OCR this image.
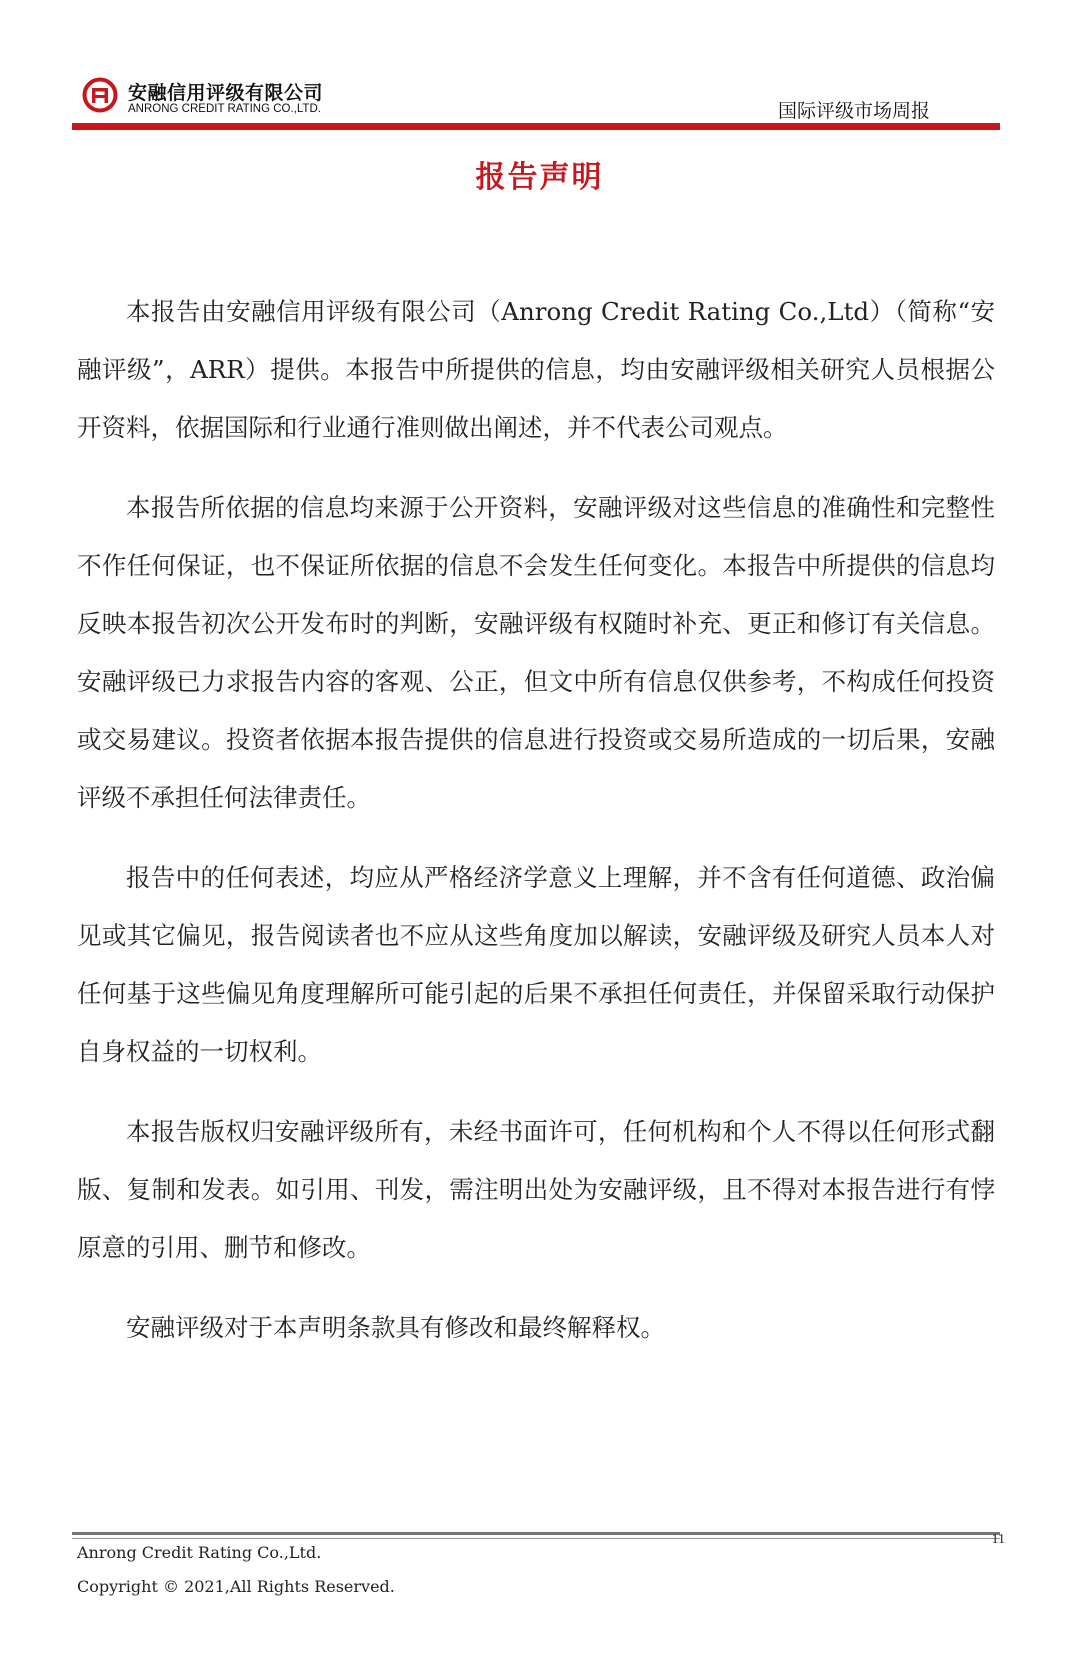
安融信用评级有限公司
ANRONG CREDIT RATING CO.,LTD.	国际评级市场周报
报告声明

本报告由安融信用评级有限公司（Anrong Credit Rating Co.,Ltd）（简称“安融评级”，ARR）提供。本报告中所提供的信息，均由安融评级相关研究人员根据公开资料，依据国际和行业通行准则做出阐述，并不代表公司观点。

本报告所依据的信息均来源于公开资料，安融评级对这些信息的准确性和完整性不作任何保证，也不保证所依据的信息不会发生任何变化。本报告中所提供的信息均反映本报告初次公开发布时的判断，安融评级有权随时补充、更正和修订有关信息。安融评级已力求报告内容的客观、公正，但文中所有信息仅供参考，不构成任何投资或交易建议。投资者依据本报告提供的信息进行投资或交易所造成的一切后果，安融评级不承担任何法律责任。

报告中的任何表述，均应从严格经济学意义上理解，并不含有任何道德、政治偏见或其它偏见，报告阅读者也不应从这些角度加以解读，安融评级及研究人员本人对任何基于这些偏见角度理解所可能引起的后果不承担任何责任，并保留采取行动保护自身权益的一切权利。

本报告版权归安融评级所有，未经书面许可，任何机构和个人不得以任何形式翻版、复制和发表。如引用、刊发，需注明出处为安融评级，且不得对本报告进行有悖原意的引用、删节和修改。

安融评级对于本声明条款具有修改和最终解释权。

Anrong Credit Rating Co.,Ltd.
Copyright © 2021,All Rights Reserved.
11
